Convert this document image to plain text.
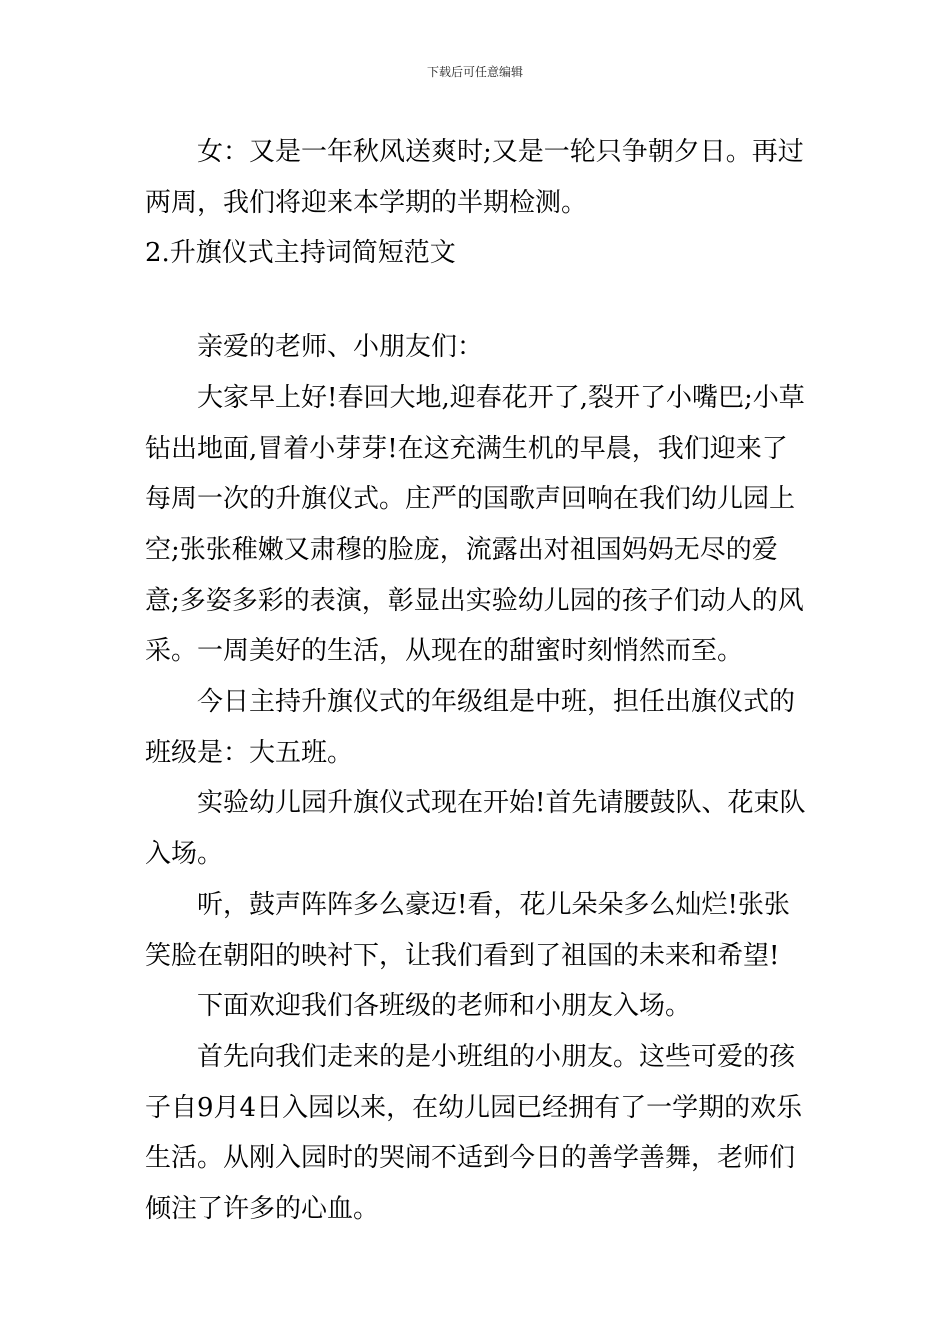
下载后可任意编辑

女：又是一年秋风送爽时;又是一轮只争朝夕日。再过两周，我们将迎来本学期的半期检测。

2.升旗仪式主持词简短范文

亲爱的老师、小朋友们：

大家早上好!春回大地,迎春花开了,裂开了小嘴巴;小草钻出地面,冒着小芽芽!在这充满生机的早晨，我们迎来了每周一次的升旗仪式。庄严的国歌声回响在我们幼儿园上空;张张稚嫩又肃穆的脸庞，流露出对祖国妈妈无尽的爱意;多姿多彩的表演，彰显出实验幼儿园的孩子们动人的风采。一周美好的生活，从现在的甜蜜时刻悄然而至。

今日主持升旗仪式的年级组是中班，担任出旗仪式的班级是：大五班。

实验幼儿园升旗仪式现在开始!首先请腰鼓队、花束队入场。

听，鼓声阵阵多么豪迈!看，花儿朵朵多么灿烂!张张笑脸在朝阳的映衬下，让我们看到了祖国的未来和希望!

下面欢迎我们各班级的老师和小朋友入场。

首先向我们走来的是小班组的小朋友。这些可爱的孩子自9月4日入园以来，在幼儿园已经拥有了一学期的欢乐生活。从刚入园时的哭闹不适到今日的善学善舞，老师们倾注了许多的心血。
